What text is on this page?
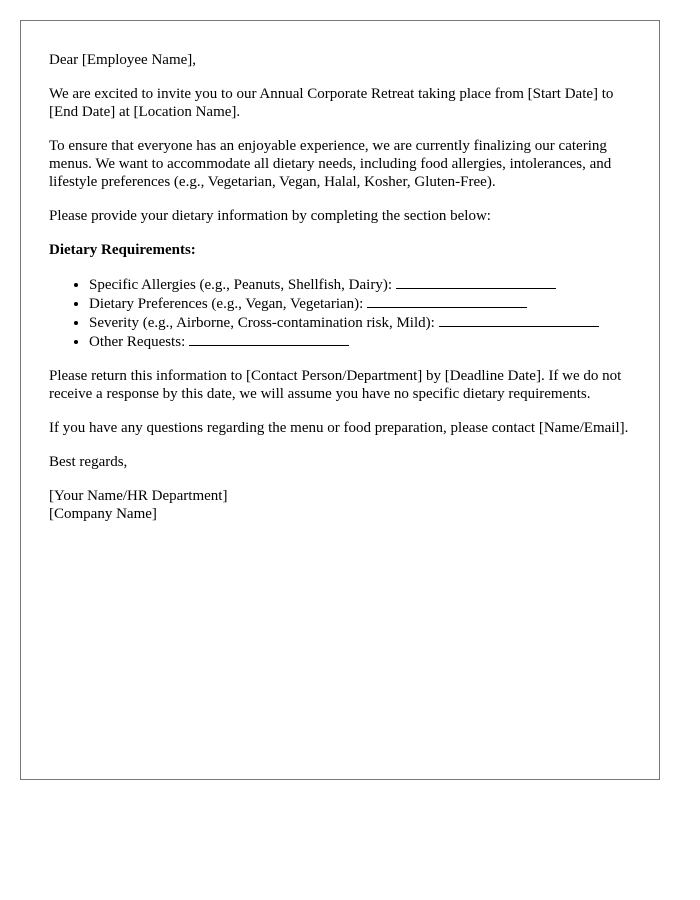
Dear [Employee Name],

We are excited to invite you to our Annual Corporate Retreat taking place from [Start Date] to [End Date] at [Location Name].

To ensure that everyone has an enjoyable experience, we are currently finalizing our catering menus. We want to accommodate all dietary needs, including food allergies, intolerances, and lifestyle preferences (e.g., Vegetarian, Vegan, Halal, Kosher, Gluten-Free).

Please provide your dietary information by completing the section below:

Dietary Requirements:
• Specific Allergies (e.g., Peanuts, Shellfish, Dairy):
• Dietary Preferences (e.g., Vegan, Vegetarian):
• Severity (e.g., Airborne, Cross-contamination risk, Mild):
• Other Requests:

Please return this information to [Contact Person/Department] by [Deadline Date]. If we do not receive a response by this date, we will assume you have no specific dietary requirements.

If you have any questions regarding the menu or food preparation, please contact [Name/Email].

Best regards,

[Your Name/HR Department]
[Company Name]
